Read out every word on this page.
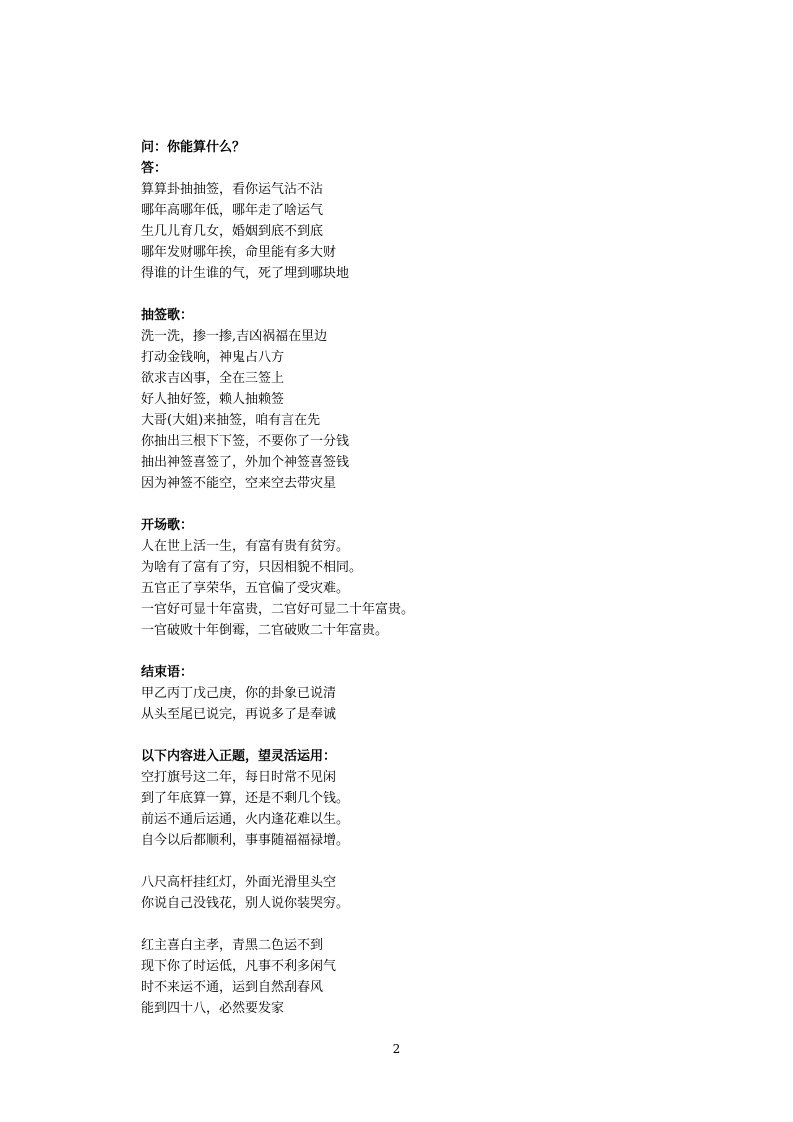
问：你能算什么？
答：
算算卦抽抽签，看你运气沾不沾
哪年高哪年低，哪年走了啥运气
生几儿育几女，婚姻到底不到底
哪年发财哪年挨，命里能有多大财
得谁的计生谁的气，死了埋到哪块地
抽签歌：
洗一洗，掺一掺,吉凶祸福在里边
打动金钱响，神鬼占八方
欲求吉凶事，全在三签上
好人抽好签，赖人抽赖签
大哥(大姐)来抽签，咱有言在先
你抽出三根下下签，不要你了一分钱
抽出神签喜签了，外加个神签喜签钱
因为神签不能空，空来空去带灾星
开场歌：
人在世上活一生，有富有贵有贫穷。
为啥有了富有了穷，只因相貌不相同。
五官正了享荣华，五官偏了受灾难。
一官好可显十年富贵，二官好可显二十年富贵。
一官破败十年倒霉，二官破败二十年富贵。
结束语：
甲乙丙丁戊己庚，你的卦象已说清
从头至尾已说完，再说多了是奉诚
以下内容进入正题，望灵活运用：
空打旗号这二年，每日时常不见闲
到了年底算一算，还是不剩几个钱。
前运不通后运通，火内逢花难以生。
自今以后都顺利，事事随福福禄增。
八尺高杆挂红灯，外面光滑里头空
你说自己没钱花，别人说你装哭穷。
红主喜白主孝，青黑二色运不到
现下你了时运低，凡事不利多闲气
时不来运不通，运到自然刮春风
能到四十八，必然要发家
2
